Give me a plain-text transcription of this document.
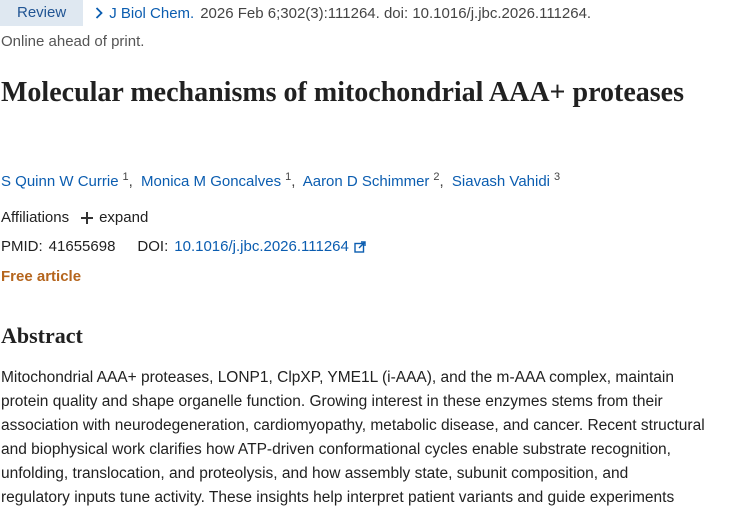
Review	J Biol Chem. 2026 Feb 6;302(3):111264. doi: 10.1016/j.jbc.2026.111264.
Online ahead of print.
Molecular mechanisms of mitochondrial AAA+ proteases
S Quinn W Currie $^1$, Monica M Goncalves $^1$, Aaron D Schimmer $^2$, Siavash Vahidi $^3$
Affiliations expand
PMID: 41655698 DOI: 10.1016/j.jbc.2026.111264
Free article
Abstract
Mitochondrial AAA+ proteases, LONP1, ClpXP, YME1L (i-AAA), and the m-AAA complex, maintain
protein quality and shape organelle function. Growing interest in these enzymes stems from their
association with neurodegeneration, cardiomyopathy, metabolic disease, and cancer. Recent structural
and biophysical work clarifies how ATP-driven conformational cycles enable substrate recognition,
unfolding, translocation, and proteolysis, and how assembly state, subunit composition, and
regulatory inputs tune activity. These insights help interpret patient variants and guide experiments
